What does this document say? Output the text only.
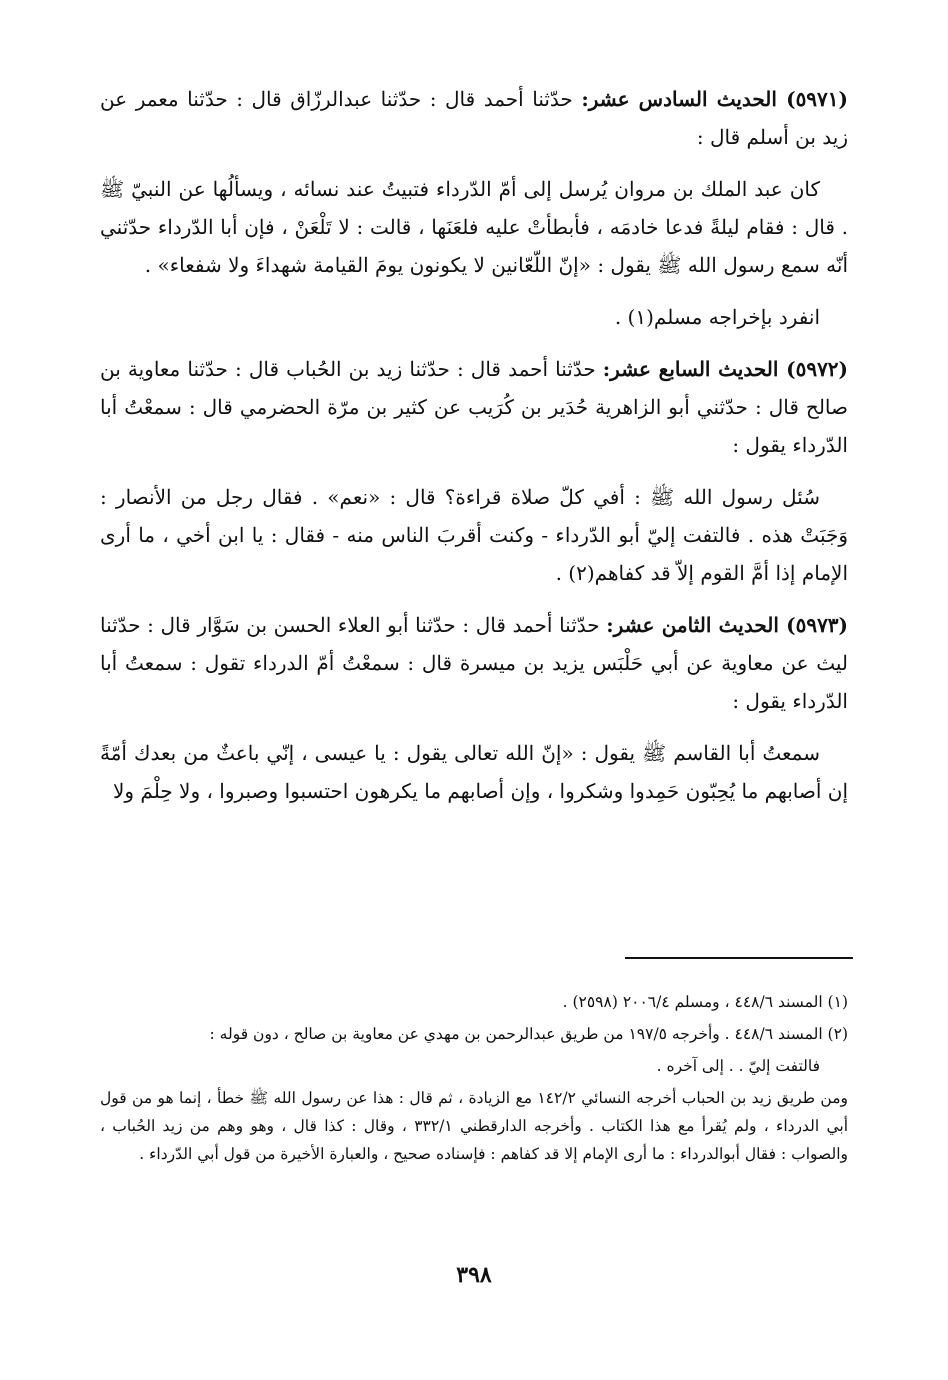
(٥٩٧١) الحديث السادس عشر: حدّثنا أحمد قال : حدّثنا عبدالرزّاق قال : حدّثنا معمر عن زيد بن أسلم قال :

كان عبد الملك بن مروان يُرسل إلى أمّ الدّرداء فتبيتُ عند نسائه ، ويسألُها عن النبيّ ﷺ . قال : فقام ليلةً فدعا خادمَه ، فأبطأتْ عليه فلعَنَها ، قالت : لا تَلْعَنْ ، فإن أبا الدّرداء حدّثني أنّه سمع رسول الله ﷺ يقول : «إنّ اللّعّانين لا يكونون يومَ القيامة شهداءَ ولا شفعاء» .

انفرد بإخراجه مسلم(١) .

(٥٩٧٢) الحديث السابع عشر: حدّثنا أحمد قال : حدّثنا زيد بن الحُباب قال : حدّثنا معاوية بن صالح قال : حدّثني أبو الزاهرية حُدَير بن كُرَيب عن كثير بن مرّة الحضرمي قال : سمعْتُ أبا الدّرداء يقول :

سُئل رسول الله ﷺ : أفي كلّ صلاة قراءة؟ قال : «نعم» . فقال رجل من الأنصار : وَجَبَتْ هذه . فالتفت إليّ أبو الدّرداء - وكنت أقربَ الناس منه - فقال : يا ابن أخي ، ما أرى الإمام إذا أمَّ القوم إلاّ قد كفاهم(٢) .

(٥٩٧٣) الحديث الثامن عشر: حدّثنا أحمد قال : حدّثنا أبو العلاء الحسن بن سَوَّار قال : حدّثنا ليث عن معاوية عن أبي حَلْبَس يزيد بن ميسرة قال : سمعْتُ أمّ الدرداء تقول : سمعتُ أبا الدّرداء يقول :

سمعتُ أبا القاسم ﷺ يقول : «إنّ الله تعالى يقول : يا عيسى ، إنّي باعثٌ من بعدك أمّةً إن أصابهم ما يُحِبّون حَمِدوا وشكروا ، وإن أصابهم ما يكرهون احتسبوا وصبروا ، ولا حِلْمَ ولا

(١) المسند ٤٤٨/٦ ، ومسلم ٢٠٠٦/٤ (٢٥٩٨) .

(٢) المسند ٤٤٨/٦ . وأخرجه ١٩٧/٥ من طريق عبدالرحمن بن مهدي عن معاوية بن صالح ، دون قوله :

فالتفت إليّ . . إلى آخره .

ومن طريق زيد بن الحباب أخرجه النسائي ١٤٢/٢ مع الزيادة ، ثم قال : هذا عن رسول الله ﷺ خطأ ، إنما هو من قول أبي الدرداء ، ولم يُقرأ مع هذا الكتاب . وأخرجه الدارقطني ٣٣٢/١ ، وقال : كذا قال ، وهو وهم من زيد الحُباب ، والصواب : فقال أبوالدرداء : ما أرى الإمام إلا قد كفاهم : فإسناده صحيح ، والعبارة الأخيرة من قول أبي الدّرداء .

٣٩٨
